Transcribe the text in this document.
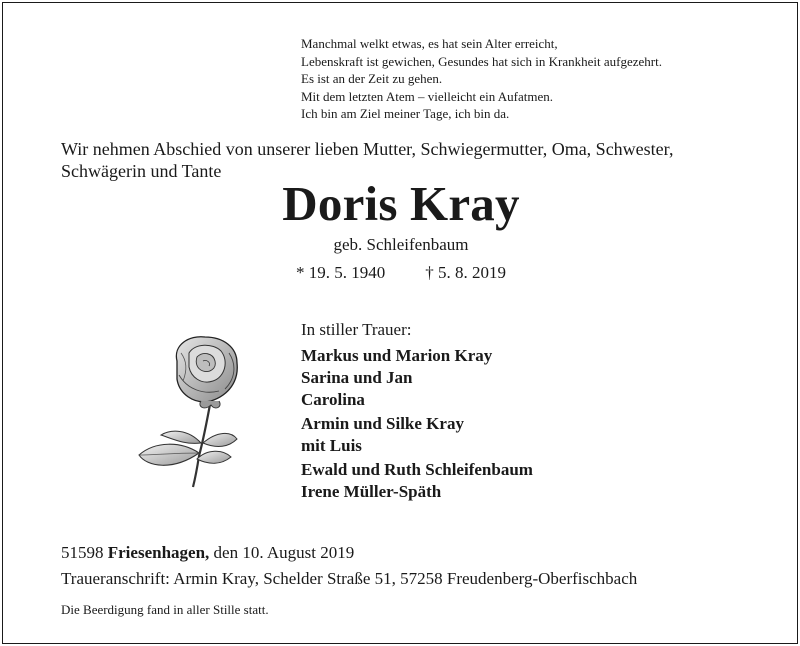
Manchmal welkt etwas, es hat sein Alter erreicht,
Lebenskraft ist gewichen, Gesundes hat sich in Krankheit aufgezehrt.
Es ist an der Zeit zu gehen.
Mit dem letzten Atem – vielleicht ein Aufatmen.
Ich bin am Ziel meiner Tage, ich bin da.
Wir nehmen Abschied von unserer lieben Mutter, Schwiegermutter, Oma, Schwester,
Schwägerin und Tante
Doris Kray
geb. Schleifenbaum
* 19. 5. 1940 † 5. 8. 2019
In stiller Trauer:
Markus und Marion Kray
Sarina und Jan
Carolina
Armin und Silke Kray
mit Luis
Ewald und Ruth Schleifenbaum
Irene Müller-Späth
51598 Friesenhagen, den 10. August 2019
Traueranschrift: Armin Kray, Schelder Straße 51, 57258 Freudenberg-Oberfischbach
Die Beerdigung fand in aller Stille statt.
